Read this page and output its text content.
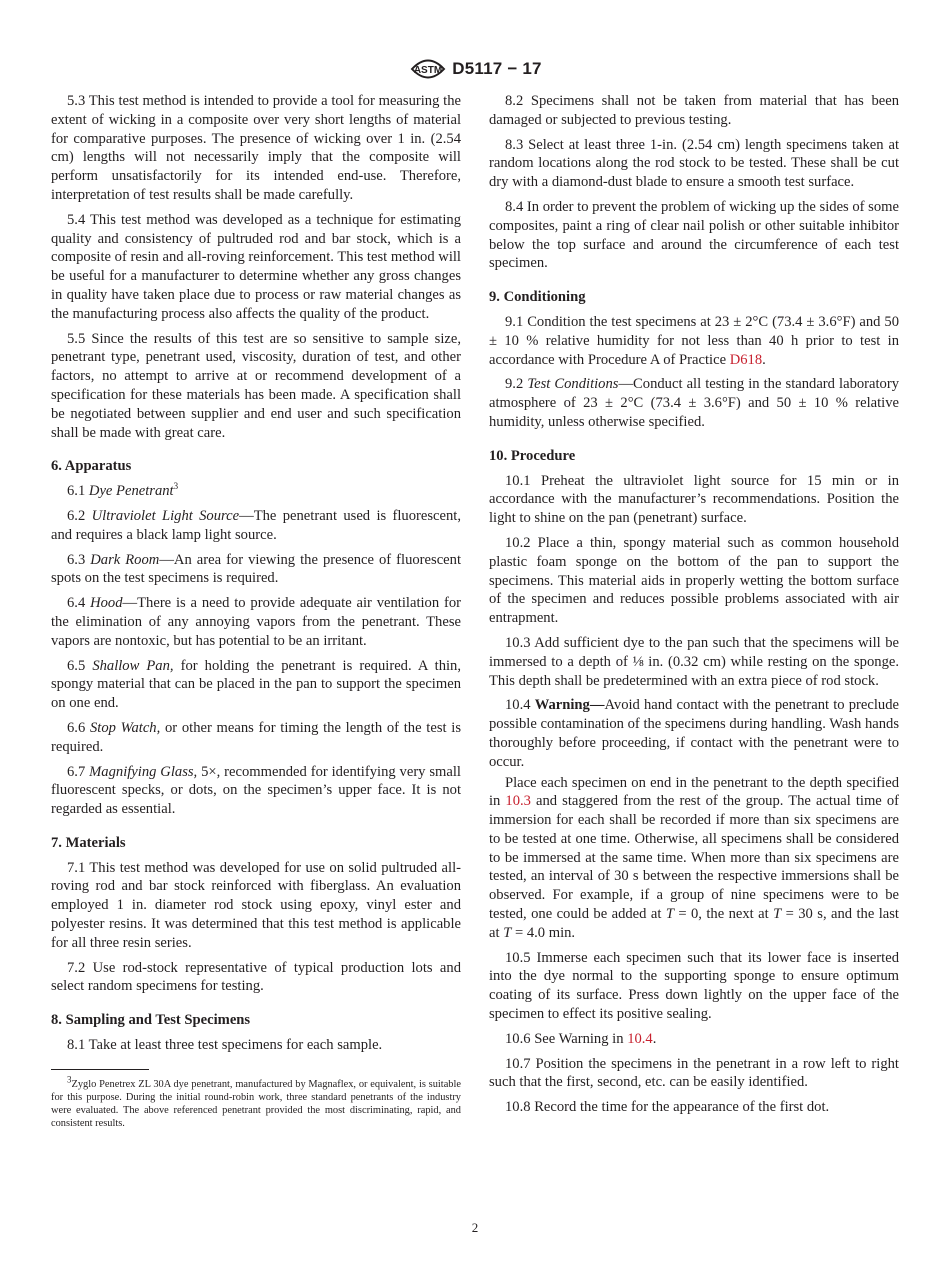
ASTM D5117 − 17

5.3 This test method is intended to provide a tool for measuring the extent of wicking in a composite over very short lengths of material for comparative purposes. The presence of wicking over 1 in. (2.54 cm) lengths will not necessarily imply that the composite will perform unsatisfactorily for its intended end-use. Therefore, interpretation of test results shall be made carefully.

5.4 This test method was developed as a technique for estimating quality and consistency of pultruded rod and bar stock, which is a composite of resin and all-roving reinforcement. This test method will be useful for a manufacturer to determine whether any gross changes in quality have taken place due to process or raw material changes as the manufacturing process also affects the quality of the product.

5.5 Since the results of this test are so sensitive to sample size, penetrant type, penetrant used, viscosity, duration of test, and other factors, no attempt to arrive at or recommend development of a specification for these materials has been made. A specification shall be negotiated between supplier and end user and such specification shall be made with great care.

6. Apparatus

6.1 Dye Penetrant$^3$

6.2 Ultraviolet Light Source—The penetrant used is fluorescent, and requires a black lamp light source.

6.3 Dark Room—An area for viewing the presence of fluorescent spots on the test specimens is required.

6.4 Hood—There is a need to provide adequate air ventilation for the elimination of any annoying vapors from the penetrant. These vapors are nontoxic, but has potential to be an irritant.

6.5 Shallow Pan, for holding the penetrant is required. A thin, spongy material that can be placed in the pan to support the specimen on one end.

6.6 Stop Watch, or other means for timing the length of the test is required.

6.7 Magnifying Glass, 5×, recommended for identifying very small fluorescent specks, or dots, on the specimen’s upper face. It is not regarded as essential.

7. Materials

7.1 This test method was developed for use on solid pultruded all-roving rod and bar stock reinforced with fiberglass. An evaluation employed 1 in. diameter rod stock using epoxy, vinyl ester and polyester resins. It was determined that this test method is applicable for all three resin series.

7.2 Use rod-stock representative of typical production lots and select random specimens for testing.

8. Sampling and Test Specimens

8.1 Take at least three test specimens for each sample.

$^3$Zyglo Penetrex ZL 30A dye penetrant, manufactured by Magnaflex, or equivalent, is suitable for this purpose. During the initial round-robin work, three standard penetrants of the industry were evaluated. The above referenced penetrant provided the most discriminating, rapid, and consistent results.

8.2 Specimens shall not be taken from material that has been damaged or subjected to previous testing.

8.3 Select at least three 1-in. (2.54 cm) length specimens taken at random locations along the rod stock to be tested. These shall be cut dry with a diamond-dust blade to ensure a smooth test surface.

8.4 In order to prevent the problem of wicking up the sides of some composites, paint a ring of clear nail polish or other suitable inhibitor below the top surface and around the circumference of each test specimen.

9. Conditioning

9.1 Condition the test specimens at 23 ± 2°C (73.4 ± 3.6°F) and 50 ± 10 % relative humidity for not less than 40 h prior to test in accordance with Procedure A of Practice D618.

9.2 Test Conditions—Conduct all testing in the standard laboratory atmosphere of 23 ± 2°C (73.4 ± 3.6°F) and 50 ± 10 % relative humidity, unless otherwise specified.

10. Procedure

10.1 Preheat the ultraviolet light source for 15 min or in accordance with the manufacturer’s recommendations. Position the light to shine on the pan (penetrant) surface.

10.2 Place a thin, spongy material such as common household plastic foam sponge on the bottom of the pan to support the specimens. This material aids in properly wetting the bottom surface of the specimen and reduces possible problems associated with air entrapment.

10.3 Add sufficient dye to the pan such that the specimens will be immersed to a depth of ⅛ in. (0.32 cm) while resting on the sponge. This depth shall be predetermined with an extra piece of rod stock.

10.4 Warning—Avoid hand contact with the penetrant to preclude possible contamination of the specimens during handling. Wash hands thoroughly before proceeding, if contact with the penetrant were to occur.

Place each specimen on end in the penetrant to the depth specified in 10.3 and staggered from the rest of the group. The actual time of immersion for each shall be recorded if more than six specimens are to be tested at one time. Otherwise, all specimens shall be considered to be immersed at the same time. When more than six specimens are tested, an interval of 30 s between the respective immersions shall be observed. For example, if a group of nine specimens were to be tested, one could be added at T = 0, the next at T = 30 s, and the last at T = 4.0 min.

10.5 Immerse each specimen such that its lower face is inserted into the dye normal to the supporting sponge to ensure optimum coating of its surface. Press down lightly on the upper face of the specimen to effect its positive sealing.

10.6 See Warning in 10.4.

10.7 Position the specimens in the penetrant in a row left to right such that the first, second, etc. can be easily identified.

10.8 Record the time for the appearance of the first dot.

2
